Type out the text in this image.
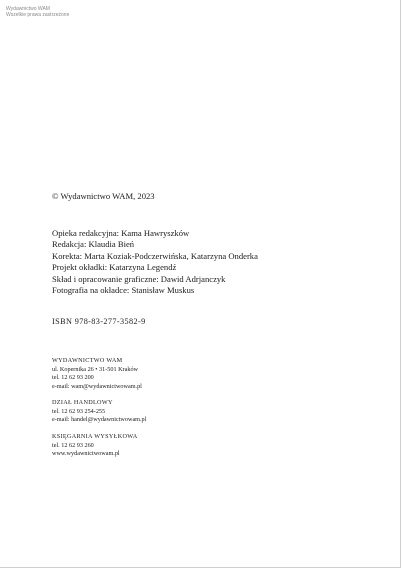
Wydawnictwo WAM
Wszelkie prawa zastrzeżone
© Wydawnictwo WAM, 2023
Opieka redakcyjna: Kama Hawryszków
Redakcja: Klaudia Bień
Korekta: Marta Koziak-Podczerwińska, Katarzyna Onderka
Projekt okładki: Katarzyna Legendź
Skład i opracowanie graficzne: Dawid Adrjanczyk
Fotografia na okładce: Stanisław Muskus
ISBN 978-83-277-3582-9
WYDAWNICTWO WAM
ul. Kopernika 26 • 31-501 Kraków
tel. 12 62 93 200
e-mail: wam@wydawnictwowam.pl
DZIAŁ HANDLOWY
tel. 12 62 93 254-255
e-mail: handel@wydawnictwowam.pl
KSIĘGARNIA WYSYŁKOWA
tel. 12 62 93 260
www.wydawnictwowam.pl
